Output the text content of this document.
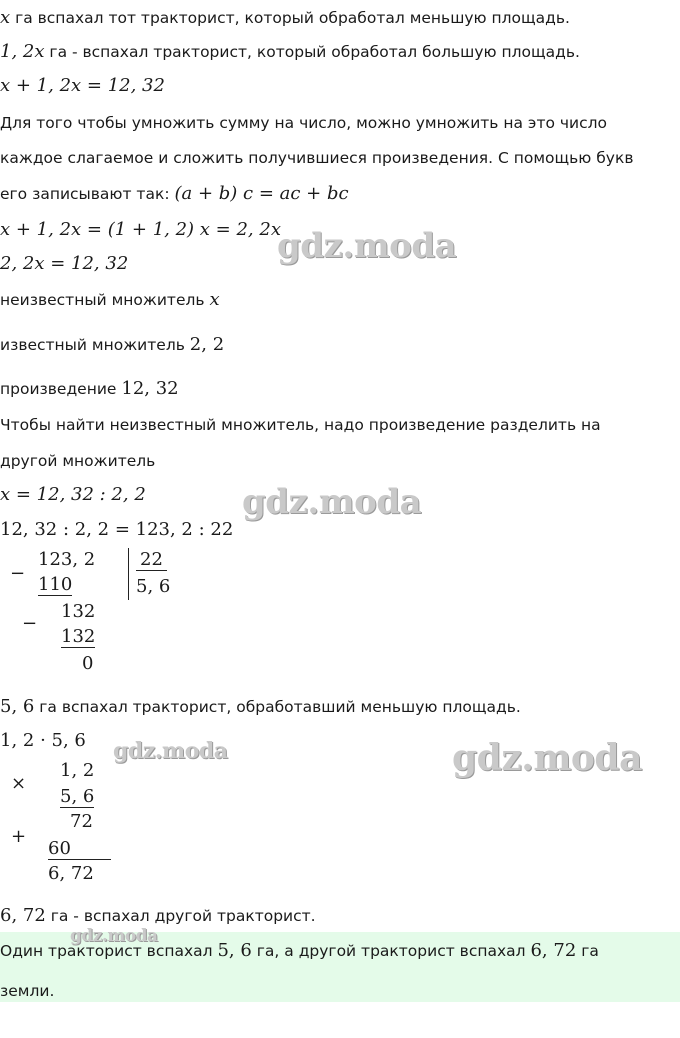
x га вспахал тот тракторист, который обработал меньшую площадь.
1, 2x га - вспахал тракторист, который обработал большую площадь.
x + 1, 2x = 12, 32
Для того чтобы умножить сумму на число, можно умножить на это число
каждое слагаемое и сложить получившиеся произведения. С помощью букв
его записывают так: (a + b) c = ac + bc
x + 1, 2x = (1 + 1, 2) x = 2, 2x
2, 2x = 12, 32
неизвестный множитель x
известный множитель 2, 2
произведение 12, 32
Чтобы найти неизвестный множитель, надо произведение разделить на
другой множитель
x = 12, 32 : 2, 2
12, 32 : 2, 2 = 123, 2 : 22
−
123, 2
110
−
132
132
0
22
5, 6
5, 6 га вспахал тракторист, обработавший меньшую площадь.
1, 2 · 5, 6
×
1, 2
5, 6
+
72
60
6, 72
6, 72 га - вспахал другой тракторист.
Один тракторист вспахал 5, 6 га, а другой тракторист вспахал 6, 72 га
земли.
gdz.moda
gdz.moda
gdz.moda	gdz.moda
gdz.moda
